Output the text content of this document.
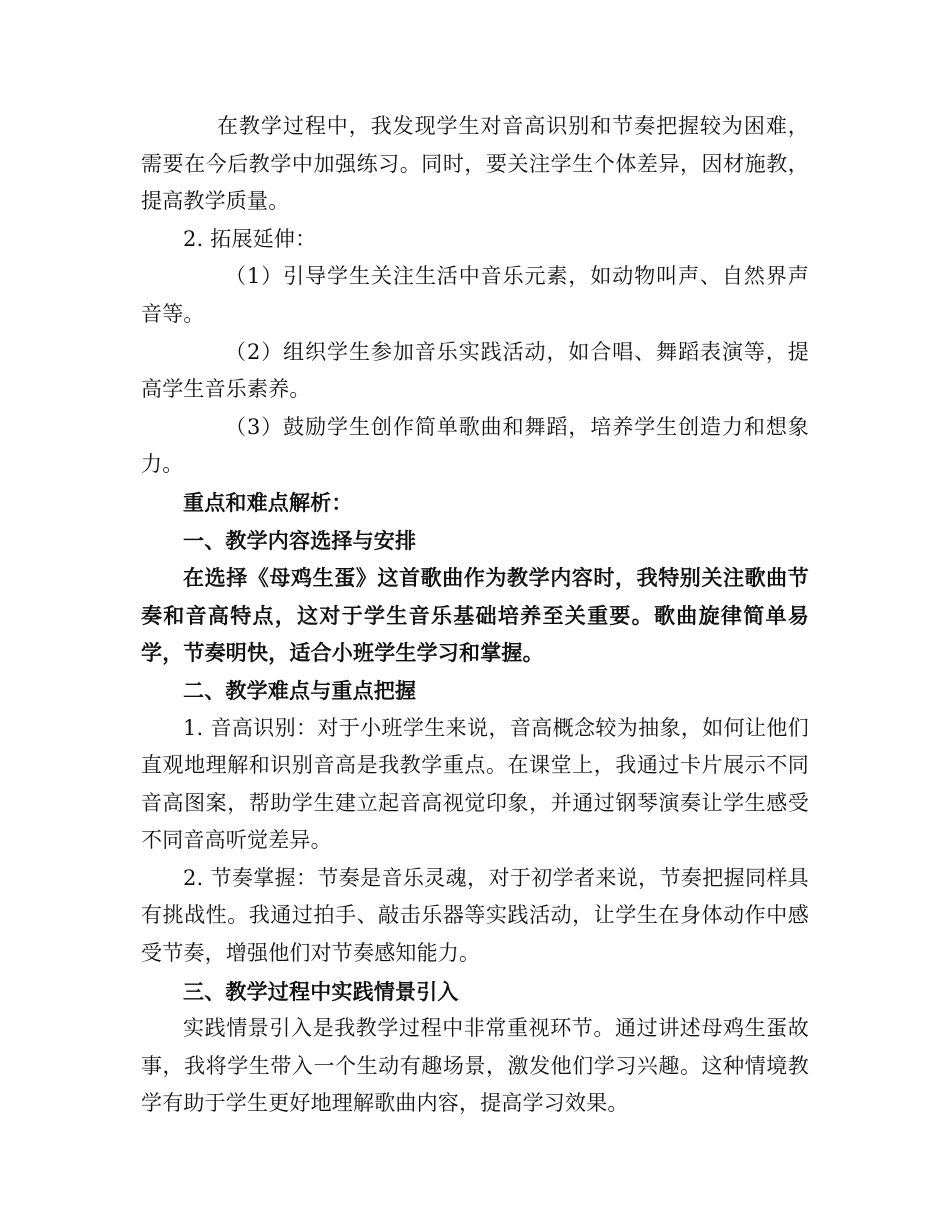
在教学过程中，我发现学生对音高识别和节奏把握较为困难，需要在今后教学中加强练习。同时，要关注学生个体差异，因材施教，提高教学质量。

2. 拓展延伸：

（1）引导学生关注生活中音乐元素，如动物叫声、自然界声音等。

（2）组织学生参加音乐实践活动，如合唱、舞蹈表演等，提高学生音乐素养。

（3）鼓励学生创作简单歌曲和舞蹈，培养学生创造力和想象力。

重点和难点解析：

一、教学内容选择与安排

在选择《母鸡生蛋》这首歌曲作为教学内容时，我特别关注歌曲节奏和音高特点，这对于学生音乐基础培养至关重要。歌曲旋律简单易学，节奏明快，适合小班学生学习和掌握。

二、教学难点与重点把握

1. 音高识别：对于小班学生来说，音高概念较为抽象，如何让他们直观地理解和识别音高是我教学重点。在课堂上，我通过卡片展示不同音高图案，帮助学生建立起音高视觉印象，并通过钢琴演奏让学生感受不同音高听觉差异。

2. 节奏掌握：节奏是音乐灵魂，对于初学者来说，节奏把握同样具有挑战性。我通过拍手、敲击乐器等实践活动，让学生在身体动作中感受节奏，增强他们对节奏感知能力。

三、教学过程中实践情景引入

实践情景引入是我教学过程中非常重视环节。通过讲述母鸡生蛋故事，我将学生带入一个生动有趣场景，激发他们学习兴趣。这种情境教学有助于学生更好地理解歌曲内容，提高学习效果。
